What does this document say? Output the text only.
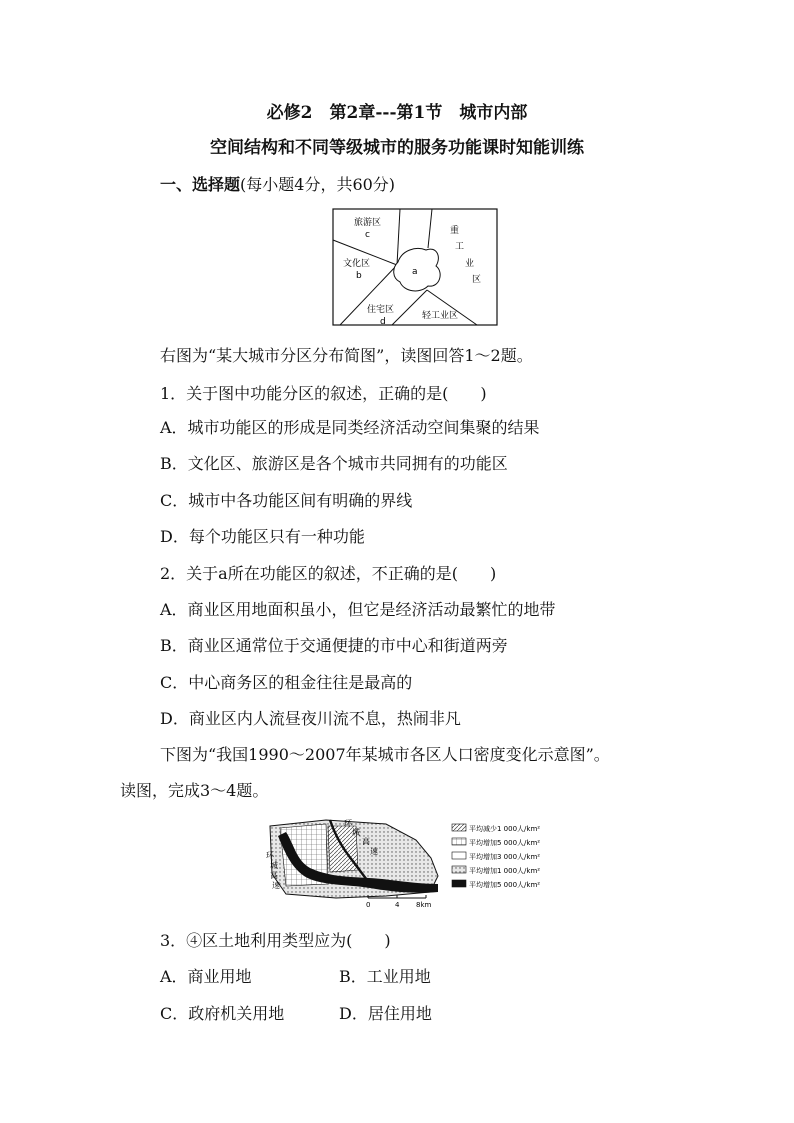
必修2　第2章---第1节　城市内部
空间结构和不同等级城市的服务功能课时知能训练
一、选择题(每小题4分，共60分)
旅游区
c
文化区
b	a
住宅区
d
重
工
业
区
轻工业区
右图为“某大城市分区分布简图”，读图回答1～2题。
1．关于图中功能分区的叙述，正确的是(　　)
A．城市功能区的形成是同类经济活动空间集聚的结果
B．文化区、旅游区是各个城市共同拥有的功能区
C．城市中各功能区间有明确的界线
D．每个功能区只有一种功能
2．关于a所在功能区的叙述，不正确的是(　　)
A．商业区用地面积虽小，但它是经济活动最繁忙的地带
B．商业区通常位于交通便捷的市中心和街道两旁
C．中心商务区的租金往往是最高的
D．商业区内人流昼夜川流不息，热闹非凡
下图为“我国1990～2007年某城市各区人口密度变化示意图”。
读图，完成3～4题。
环
城
高
速
环
城
高
速
0	4 8km
平均减少1 000人/km²
平均增加5 000人/km²
平均增加3 000人/km²
平均增加1 000人/km²
平均增加5 000人/km²
3．④区土地利用类型应为(　　)
A．商业用地	B．工业用地
C．政府机关用地	D．居住用地
